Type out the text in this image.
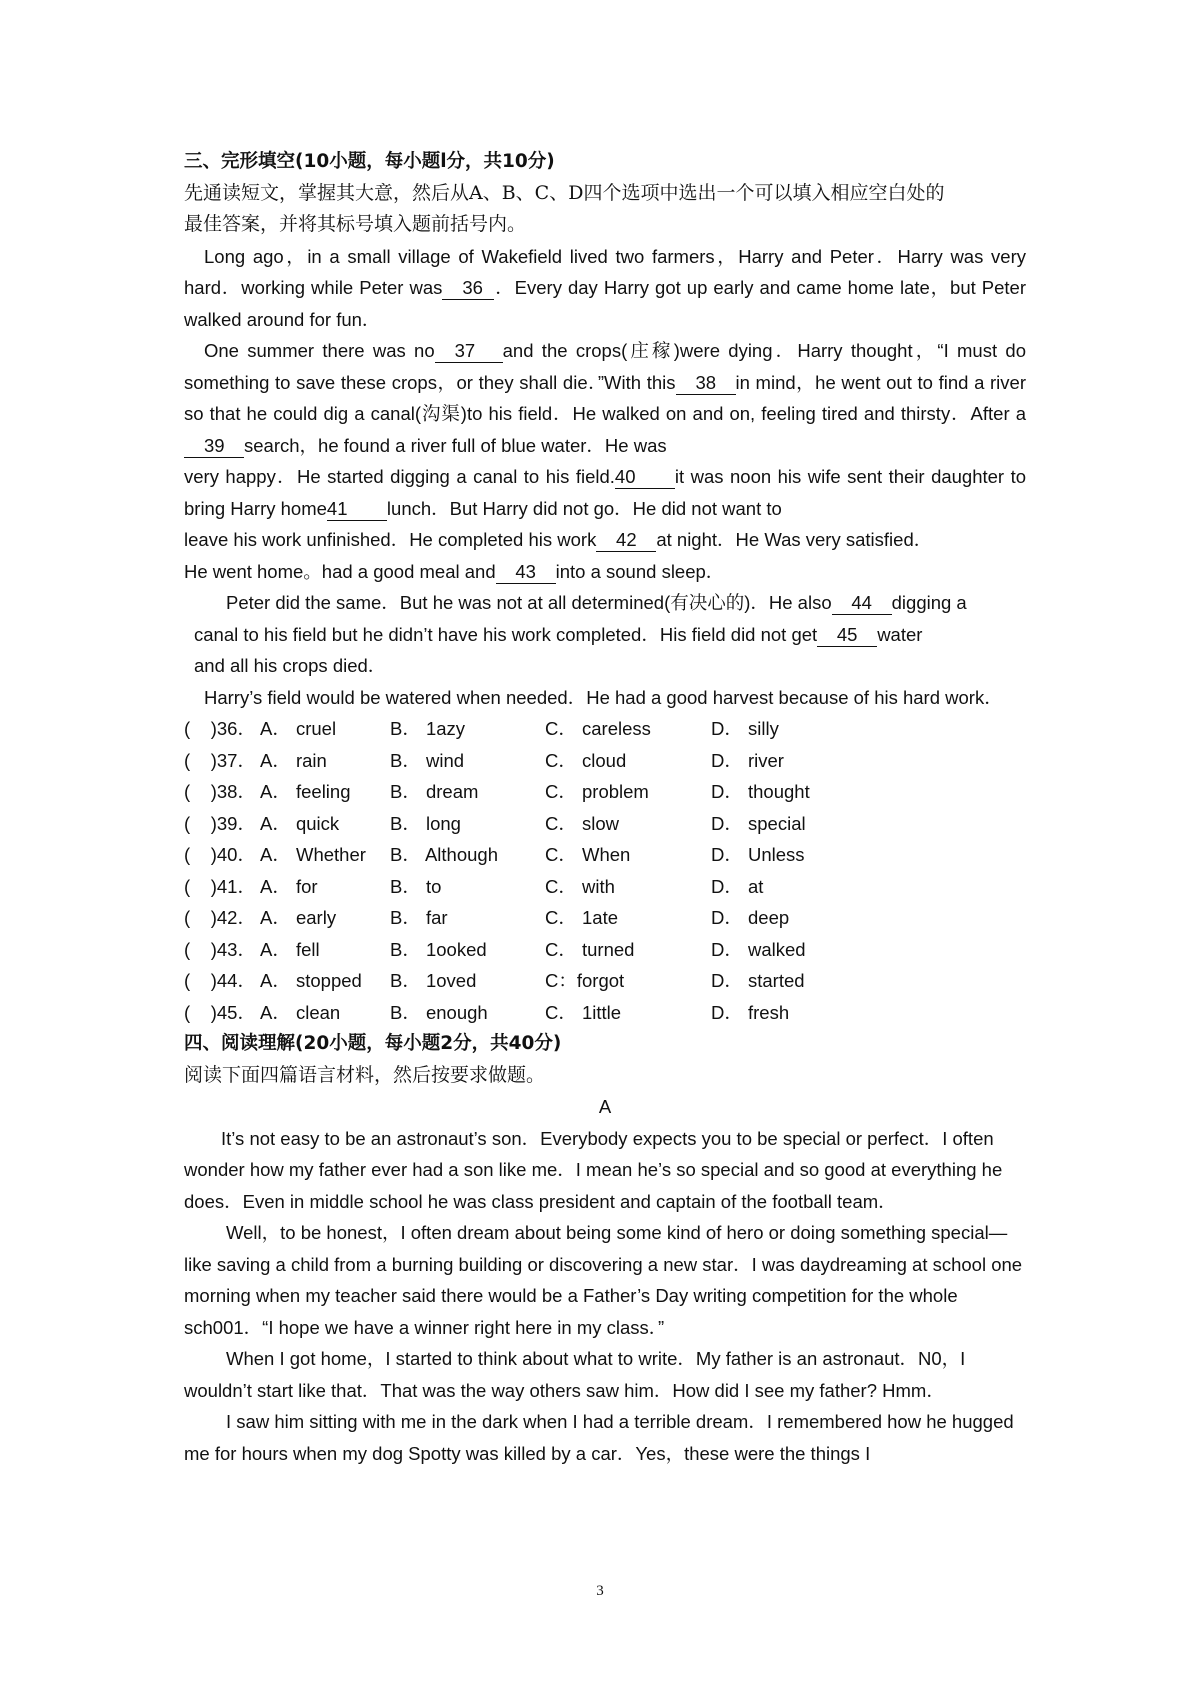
三、完形填空(10小题，每小题l分，共10分)

先通读短文，掌握其大意，然后从A、B、C、D四个选项中选出一个可以填入相应空白处的

最佳答案，并将其标号填入题前括号内。

Long ago，in a small village of Wakefield lived two farmers，Harry and Peter．Harry was very hard．working while Peter was 36 ．Every day Harry got up early and came home late，but Peter walked around for fun．

One summer there was no 37 and the crops(庄稼)were dying．Harry thought，“I must do something to save these crops，or they shall die．”With this 38 in mind，he went out to find a river so that he could dig a canal(沟渠)to his field．He walked on and on, feeling tired and thirsty．After a39 search，he found a river full of blue water．He was

very happy．He started digging a canal to his field.40 it was noon his wife sent their daughter to bring Harry home41 lunch．But Harry did not go．He did not want to

leave his work unfinished．He completed his work 42 at night．He Was very satisfied．

He went home。had a good meal and 43 into a sound sleep．

Peter did the same．But he was not at all determined(有决心的)．He also 44 digging a

canal to his field but he didn’t have his work completed．His field did not get 45 water

and all his crops died．

Harry’s field would be watered when needed．He had a good harvest because of his hard work．

(    )36． A． cruel	B． 1azy	C． careless	D． silly
(    )37． A． rain	B． wind	C． cloud	D． river
(    )38． A． feeling	B． dream	C． problem	D． thought
(    )39． A． quick	B． long	C． slow	D． special
(    )40． A． Whether	B． Although	C． When	D． Unless
(    )41． A． for	B． to	C． with	D． at
(    )42． A． early	B． far	C． 1ate	D． deep
(    )43． A． fell	B． 1ooked	C． turned	D． walked
(    )44． A． stopped	B． 1oved	C：forgot	D． started
(    )45． A． clean	B． enough	C． 1ittle	D． fresh

四、阅读理解(20小题，每小题2分，共40分)

阅读下面四篇语言材料，然后按要求做题。

A

It’s not easy to be an astronaut’s son．Everybody expects you to be special or perfect．I often wonder how my father ever had a son like me．I mean he’s so special and so good at everything he does．Even in middle school he was class president and captain of the football team．

Well，to be honest，I often dream about being some kind of hero or doing something special—like saving a child from a burning building or discovering a new star．I was daydreaming at school one morning when my teacher said there would be a Father’s Day writing competition for the whole sch001．“I hope we have a winner right here in my class．”

When I got home，I started to think about what to write．My father is an astronaut．N0，I wouldn’t start like that．That was the way others saw him．How did I see my father? Hmm．

I saw him sitting with me in the dark when I had a terrible dream．I remembered how he hugged me for hours when my dog Spotty was killed by a car．Yes，these were the things I

3
